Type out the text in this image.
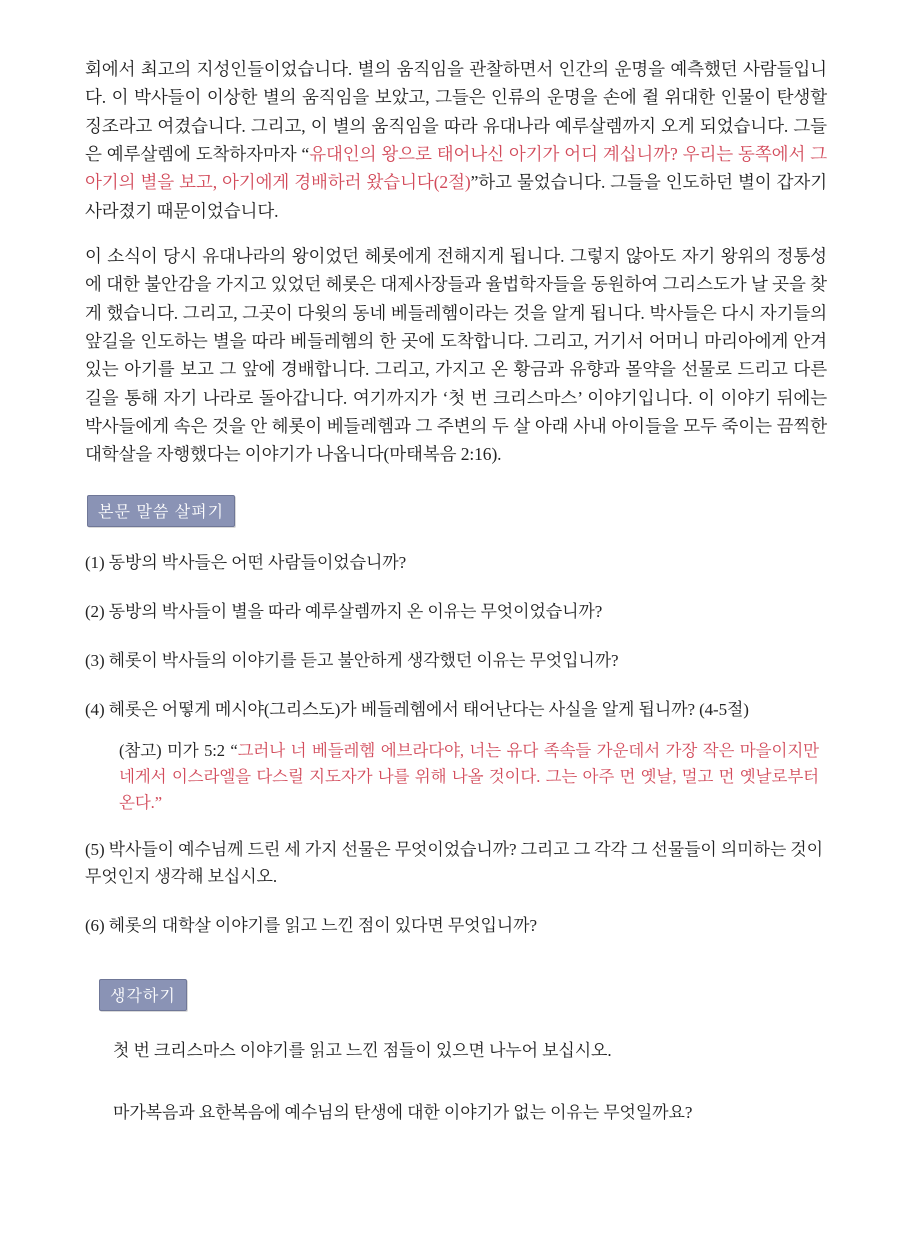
회에서 최고의 지성인들이었습니다. 별의 움직임을 관찰하면서 인간의 운명을 예측했던 사람들입니다. 이 박사들이 이상한 별의 움직임을 보았고, 그들은 인류의 운명을 손에 쥘 위대한 인물이 탄생할 징조라고 여겼습니다. 그리고, 이 별의 움직임을 따라 유대나라 예루살렘까지 오게 되었습니다. 그들은 예루살렘에 도착하자마자 “유대인의 왕으로 태어나신 아기가 어디 계십니까? 우리는 동쪽에서 그 아기의 별을 보고, 아기에게 경배하러 왔습니다(2절)”하고 물었습니다. 그들을 인도하던 별이 갑자기 사라졌기 때문이었습니다.

이 소식이 당시 유대나라의 왕이었던 헤롯에게 전해지게 됩니다. 그렇지 않아도 자기 왕위의 정통성에 대한 불안감을 가지고 있었던 헤롯은 대제사장들과 율법학자들을 동원하여 그리스도가 날 곳을 찾게 했습니다. 그리고, 그곳이 다윗의 동네 베들레헴이라는 것을 알게 됩니다. 박사들은 다시 자기들의 앞길을 인도하는 별을 따라 베들레헴의 한 곳에 도착합니다. 그리고, 거기서 어머니 마리아에게 안겨 있는 아기를 보고 그 앞에 경배합니다. 그리고, 가지고 온 황금과 유향과 몰약을 선물로 드리고 다른 길을 통해 자기 나라로 돌아갑니다. 여기까지가 ‘첫 번 크리스마스’ 이야기입니다. 이 이야기 뒤에는 박사들에게 속은 것을 안 헤롯이 베들레헴과 그 주변의 두 살 아래 사내 아이들을 모두 죽이는 끔찍한 대학살을 자행했다는 이야기가 나옵니다(마태복음 2:16).

본문 말씀 살펴기

(1) 동방의 박사들은 어떤 사람들이었습니까?

(2) 동방의 박사들이 별을 따라 예루살렘까지 온 이유는 무엇이었습니까?

(3) 헤롯이 박사들의 이야기를 듣고 불안하게 생각했던 이유는 무엇입니까?

(4) 헤롯은 어떻게 메시야(그리스도)가 베들레헴에서 태어난다는 사실을 알게 됩니까? (4-5절)

(참고) 미가 5:2 “그러나 너 베들레헴 에브라다야, 너는 유다 족속들 가운데서 가장 작은 마을이지만 네게서 이스라엘을 다스릴 지도자가 나를 위해 나올 것이다. 그는 아주 먼 옛날, 멀고 먼 옛날로부터 온다.”

(5) 박사들이 예수님께 드린 세 가지 선물은 무엇이었습니까? 그리고 그 각각 그 선물들이 의미하는 것이 무엇인지 생각해 보십시오.

(6) 헤롯의 대학살 이야기를 읽고 느낀 점이 있다면 무엇입니까?

생각하기

첫 번 크리스마스 이야기를 읽고 느낀 점들이 있으면 나누어 보십시오.

마가복음과 요한복음에 예수님의 탄생에 대한 이야기가 없는 이유는 무엇일까요?
